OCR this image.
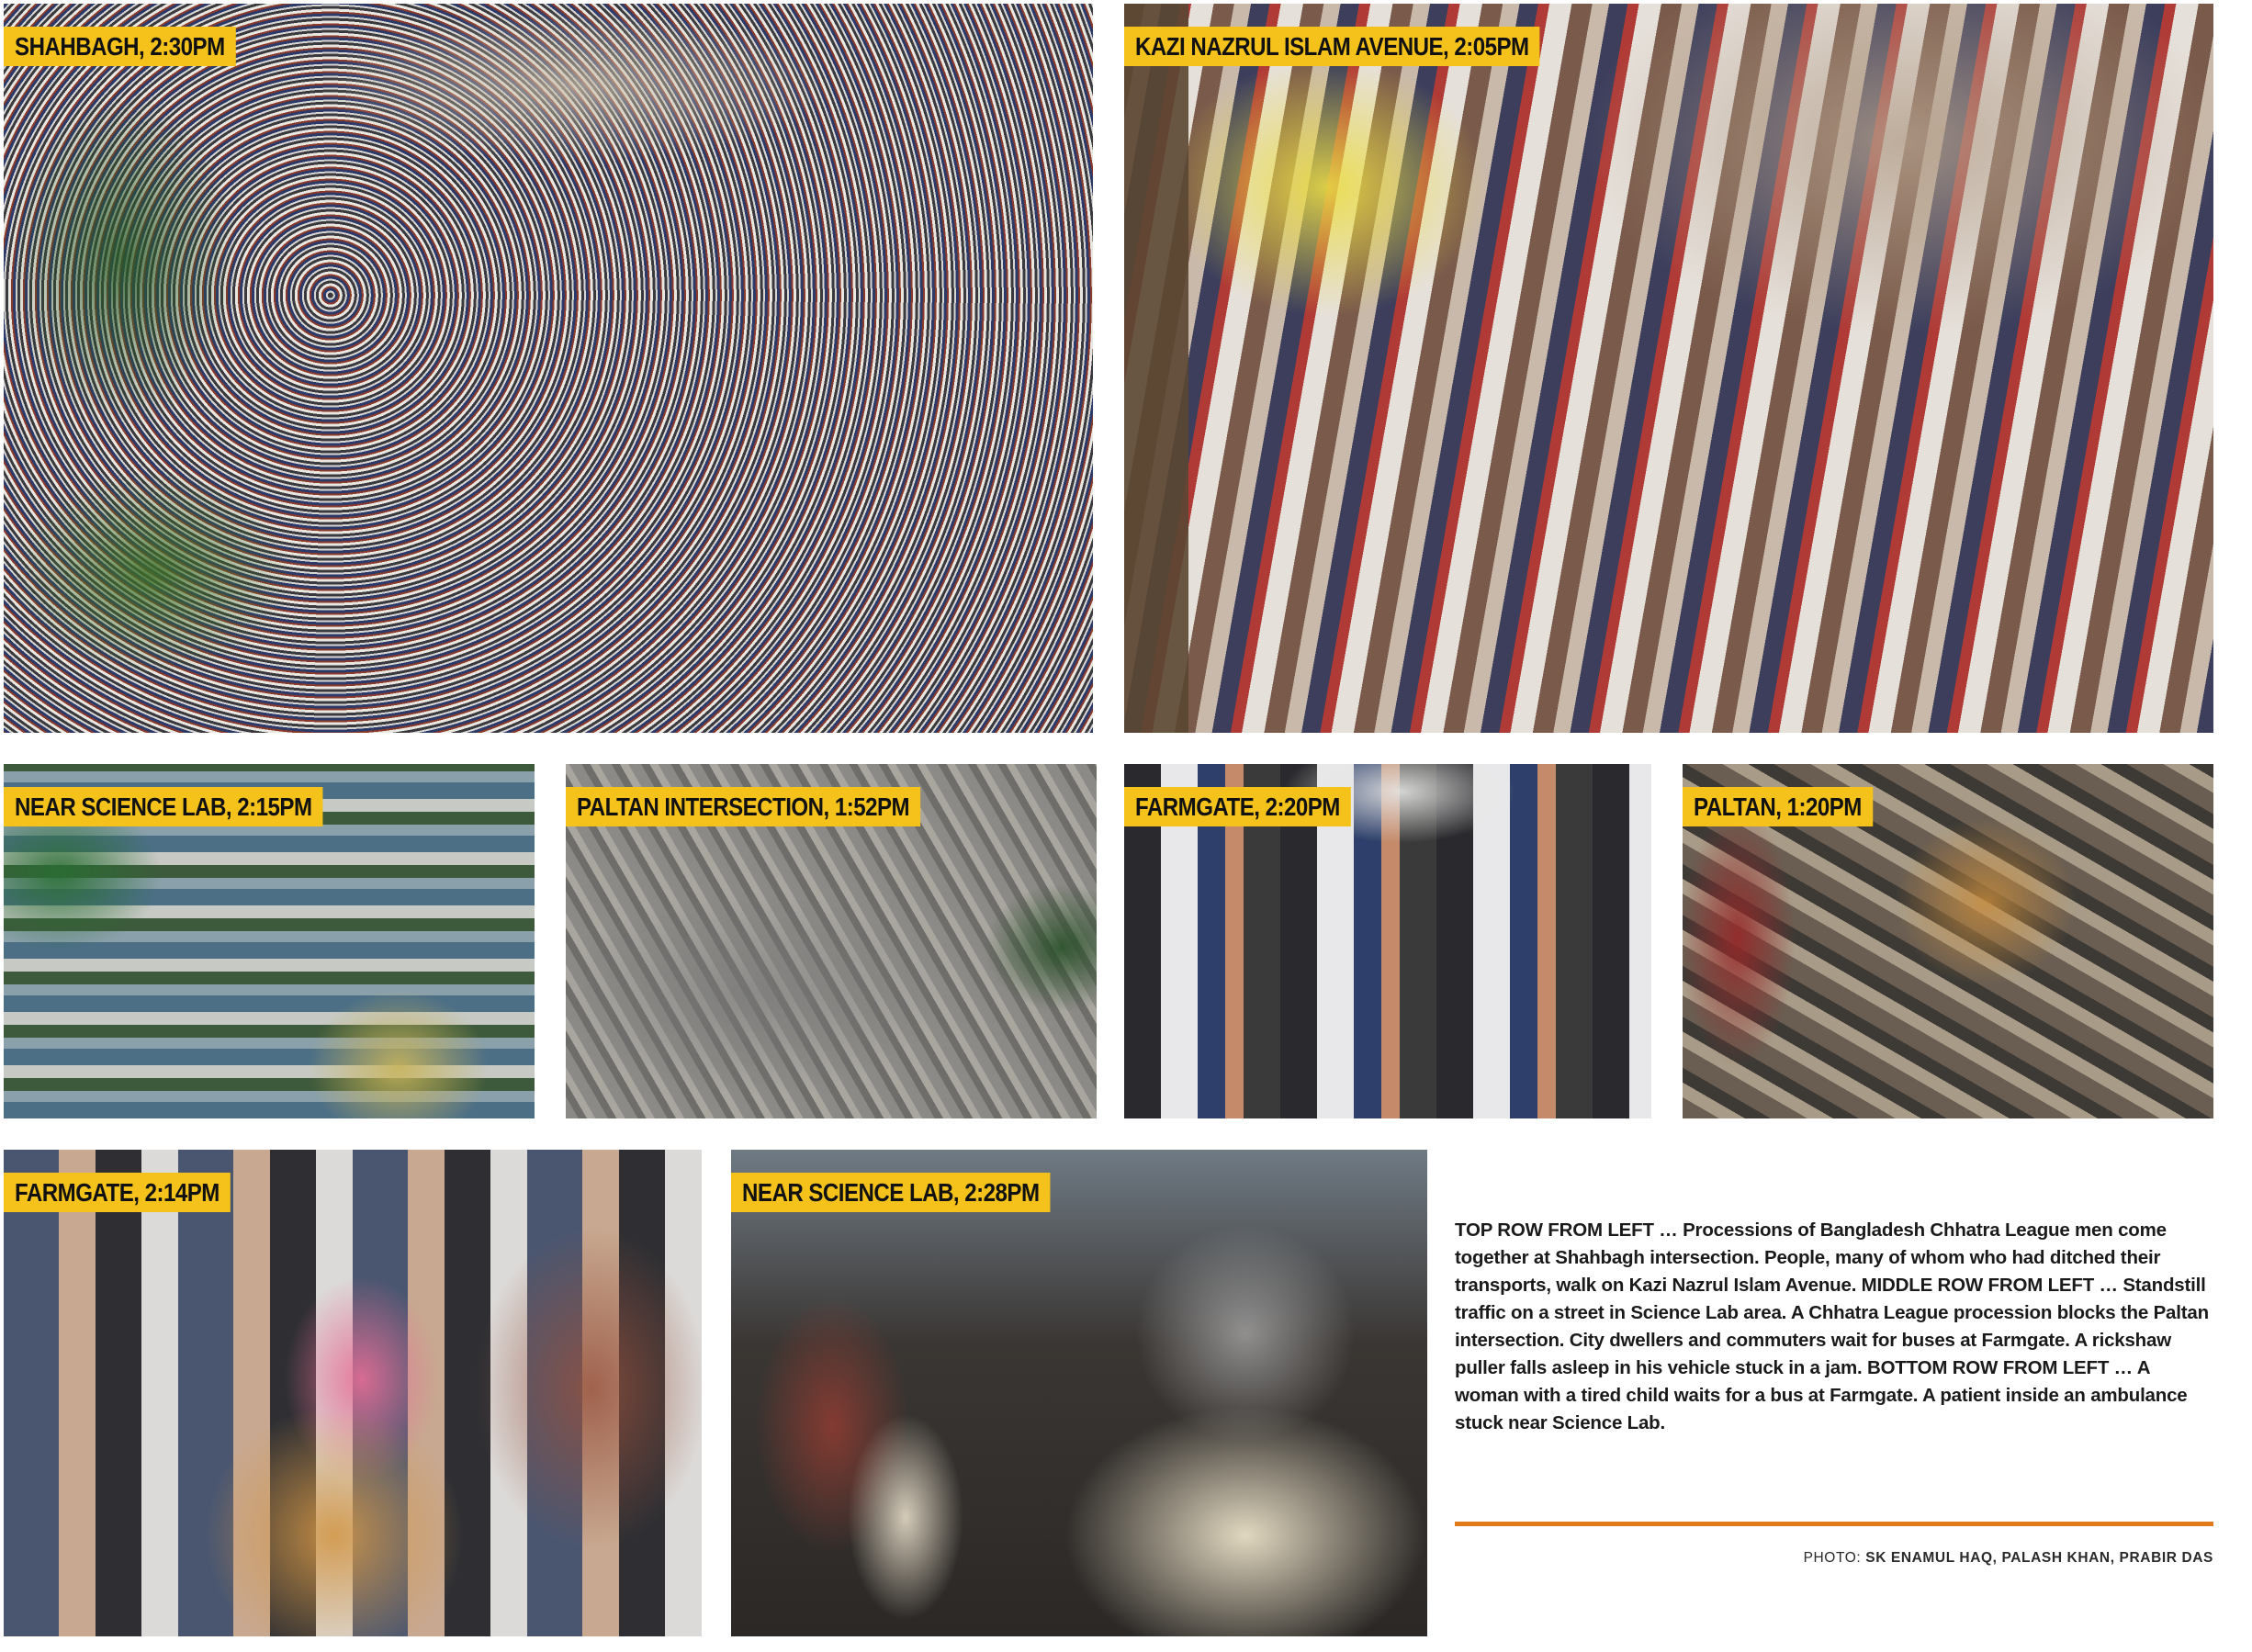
SHAHBAGH, 2:30PM	KAZI NAZRUL ISLAM AVENUE, 2:05PM
NEAR SCIENCE LAB, 2:15PM	PALTAN INTERSECTION, 1:52PM	FARMGATE, 2:20PM	PALTAN, 1:20PM
FARMGATE, 2:14PM	NEAR SCIENCE LAB, 2:28PM
TOP ROW FROM LEFT … Processions of Bangladesh Chhatra League men come together at Shahbagh intersection. People, many of whom who had ditched their transports, walk on Kazi Nazrul Islam Avenue. MIDDLE ROW FROM LEFT … Standstill traffic on a street in Science Lab area. A Chhatra League procession blocks the Paltan intersection. City dwellers and commuters wait for buses at Farmgate. A rickshaw puller falls asleep in his vehicle stuck in a jam. BOTTOM ROW FROM LEFT … A woman with a tired child waits for a bus at Farmgate. A patient inside an ambulance stuck near Science Lab.
PHOTO: SK ENAMUL HAQ, PALASH KHAN, PRABIR DAS
